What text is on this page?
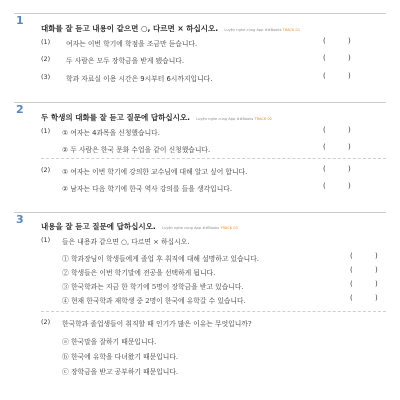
1
대화를 잘 듣고 내용이 같으면 ○, 다르면 × 하십시오. Luyện nghe cùng App ##Books TRACK 01
(1) 여자는 이번 학기에 학점을 조금만 듣습니다.	( )
(2) 두 사람은 모두 장학금을 받게 됐습니다.	( )
(3) 학과 자료실 이용 시간은 9시부터 6시까지입니다.	( )
2
두 학생의 대화를 잘 듣고 질문에 답하십시오. Luyện nghe cùng App ##Books TRACK 02
(1) ① 여자는 4과목을 신청했습니다.	( )
② 두 사람은 한국 문화 수업을 같이 신청했습니다.	( )
(2) ① 여자는 이번 학기에 강의한 교수님에 대해 알고 싶어 합니다.	( )
② 남자는 다음 학기에 한국 역사 강의를 들을 생각입니다.	( )
3
내용을 잘 듣고 질문에 답하십시오. Luyện nghe cùng App ##Books TRACK 03
(1) 들은 내용과 같으면 ○, 다르면 × 하십시오.
① 학과장님이 학생들에게 졸업 후 취직에 대해 설명하고 있습니다.	( )
② 학생들은 이번 학기말에 전공을 선택하게 됩니다.	( )
③ 한국학과는 지금 한 학기에 5명이 장학금을 받고 있습니다.	( )
④ 현재 한국학과 재학생 중 2명이 한국에 유학갈 수 있습니다.	( )
(2) 한국학과 졸업생들이 취직할 때 인기가 많은 이유는 무엇입니까?
ⓐ 한국말을 잘하기 때문입니다.
ⓑ 한국에 유학을 다녀왔기 때문입니다.
ⓒ 장학금을 받고 공부하기 때문입니다.
